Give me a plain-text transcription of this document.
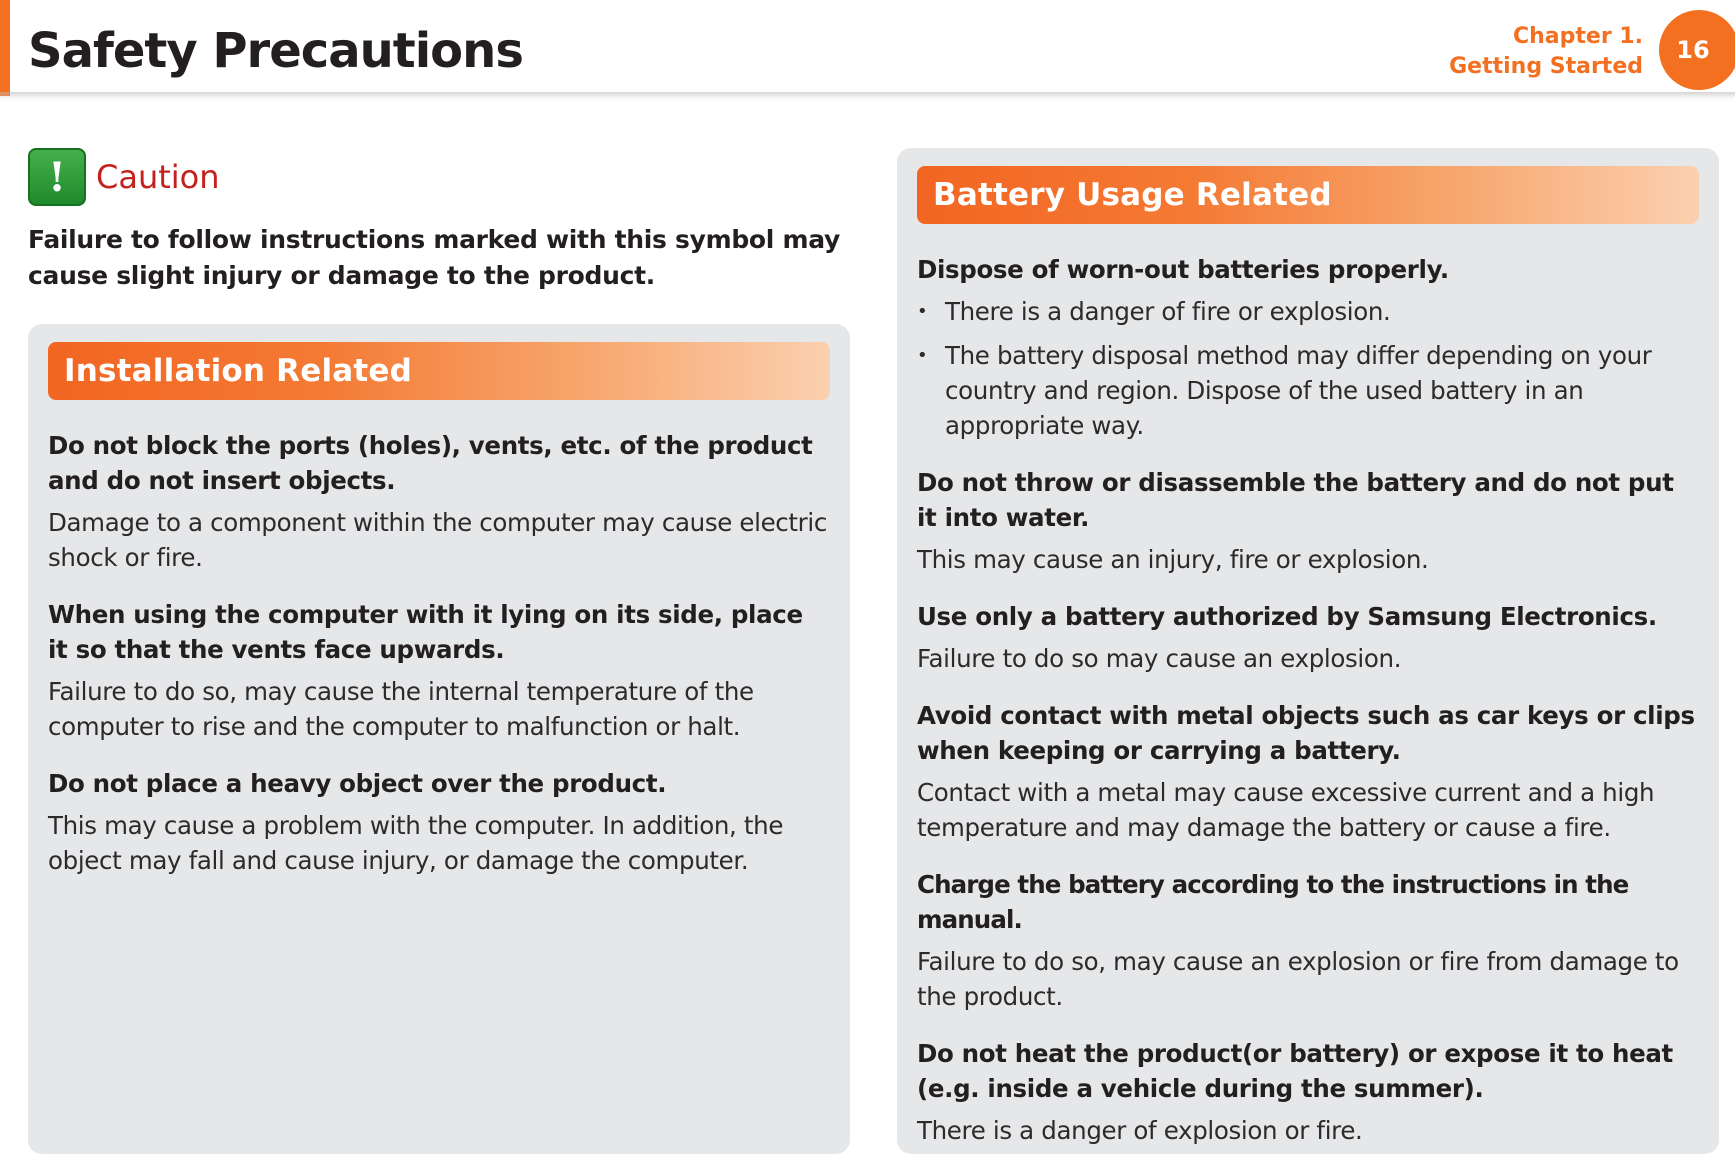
Safety Precautions	Chapter 1.
Getting Started
16
! Caution
Failure to follow instructions marked with this symbol may cause slight injury or damage to the product.
Installation Related

Do not block the ports (holes), vents, etc. of the product and do not insert objects.

Damage to a component within the computer may cause electric shock or fire.

When using the computer with it lying on its side, place it so that the vents face upwards.

Failure to do so, may cause the internal temperature of the computer to rise and the computer to malfunction or halt.

Do not place a heavy object over the product.

This may cause a problem with the computer. In addition, the object may fall and cause injury, or damage the computer.

Battery Usage Related

Dispose of worn-out batteries properly.

• There is a danger of fire or explosion.
• The battery disposal method may differ depending on your country and region. Dispose of the used battery in an appropriate way.

Do not throw or disassemble the battery and do not put it into water.

This may cause an injury, fire or explosion.

Use only a battery authorized by Samsung Electronics.

Failure to do so may cause an explosion.

Avoid contact with metal objects such as car keys or clips when keeping or carrying a battery.

Contact with a metal may cause excessive current and a high temperature and may damage the battery or cause a fire.

Charge the battery according to the instructions in the manual.

Failure to do so, may cause an explosion or fire from damage to the product.

Do not heat the product(or battery) or expose it to heat (e.g. inside a vehicle during the summer).

There is a danger of explosion or fire.
